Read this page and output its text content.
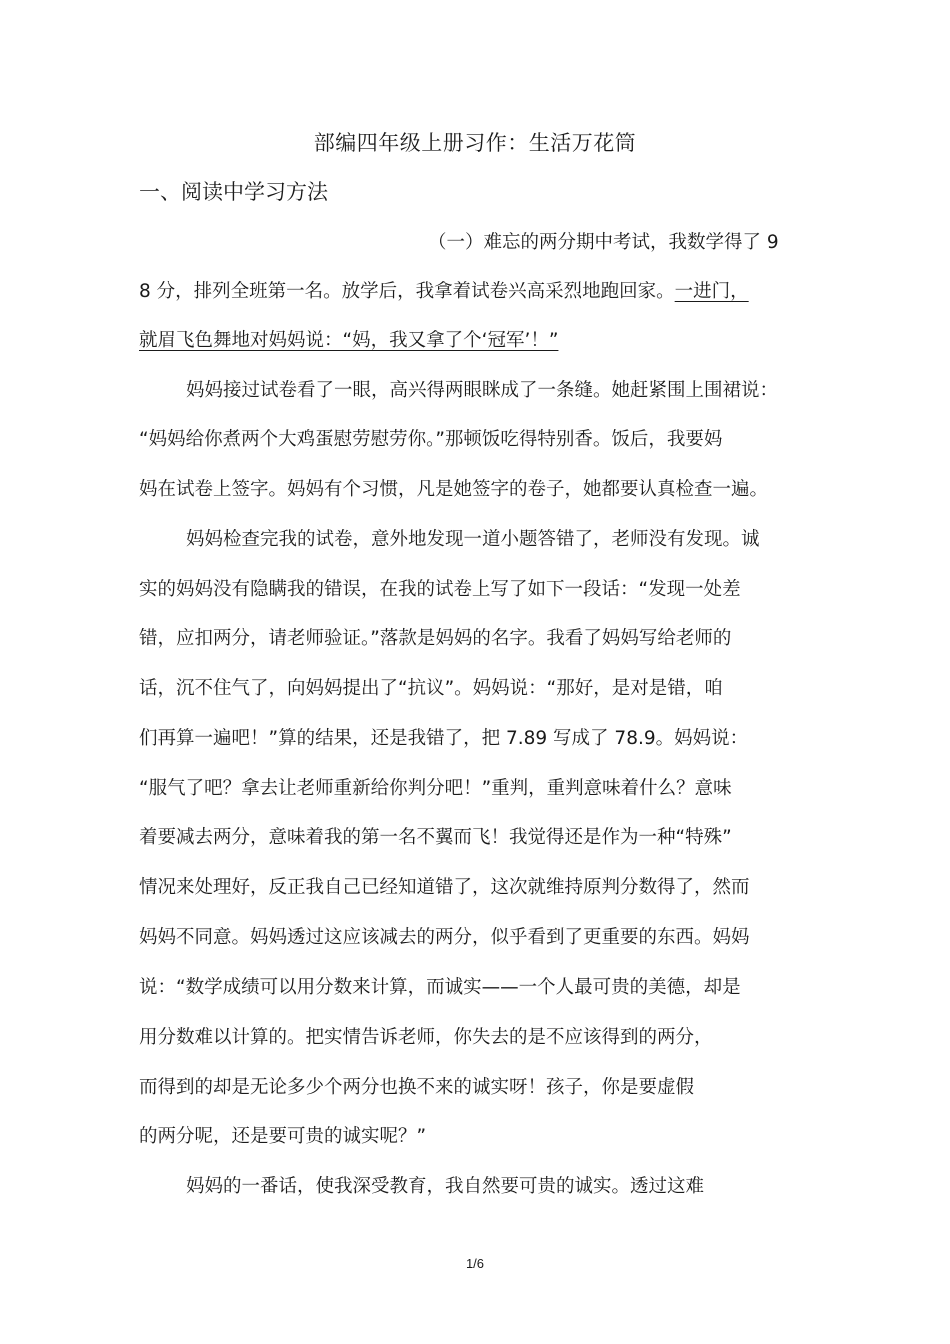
部编四年级上册习作：生活万花筒
一、阅读中学习方法
（一）难忘的两分期中考试，我数学得了 9
8 分，排列全班第一名。放学后，我拿着试卷兴高采烈地跑回家。一进门，
就眉飞色舞地对妈妈说：“妈，我又拿了个‘冠军’！”
妈妈接过试卷看了一眼，高兴得两眼眯成了一条缝。她赶紧围上围裙说：
“妈妈给你煮两个大鸡蛋慰劳慰劳你。”那顿饭吃得特别香。饭后，我要妈
妈在试卷上签字。妈妈有个习惯，凡是她签字的卷子，她都要认真检查一遍。
妈妈检查完我的试卷，意外地发现一道小题答错了，老师没有发现。诚
实的妈妈没有隐瞒我的错误，在我的试卷上写了如下一段话：“发现一处差
错，应扣两分，请老师验证。”落款是妈妈的名字。我看了妈妈写给老师的
话，沉不住气了，向妈妈提出了“抗议”。妈妈说：“那好，是对是错，咱
们再算一遍吧！”算的结果，还是我错了，把 7.89 写成了 78.9。妈妈说：
“服气了吧？拿去让老师重新给你判分吧！”重判，重判意味着什么？意味
着要减去两分，意味着我的第一名不翼而飞！我觉得还是作为一种“特殊”
情况来处理好，反正我自己已经知道错了，这次就维持原判分数得了，然而
妈妈不同意。妈妈透过这应该减去的两分，似乎看到了更重要的东西。妈妈
说：“数学成绩可以用分数来计算，而诚实——一个人最可贵的美德，却是
用分数难以计算的。把实情告诉老师，你失去的是不应该得到的两分，
而得到的却是无论多少个两分也换不来的诚实呀！孩子，你是要虚假
的两分呢，还是要可贵的诚实呢？”
妈妈的一番话，使我深受教育，我自然要可贵的诚实。透过这难
1/6
